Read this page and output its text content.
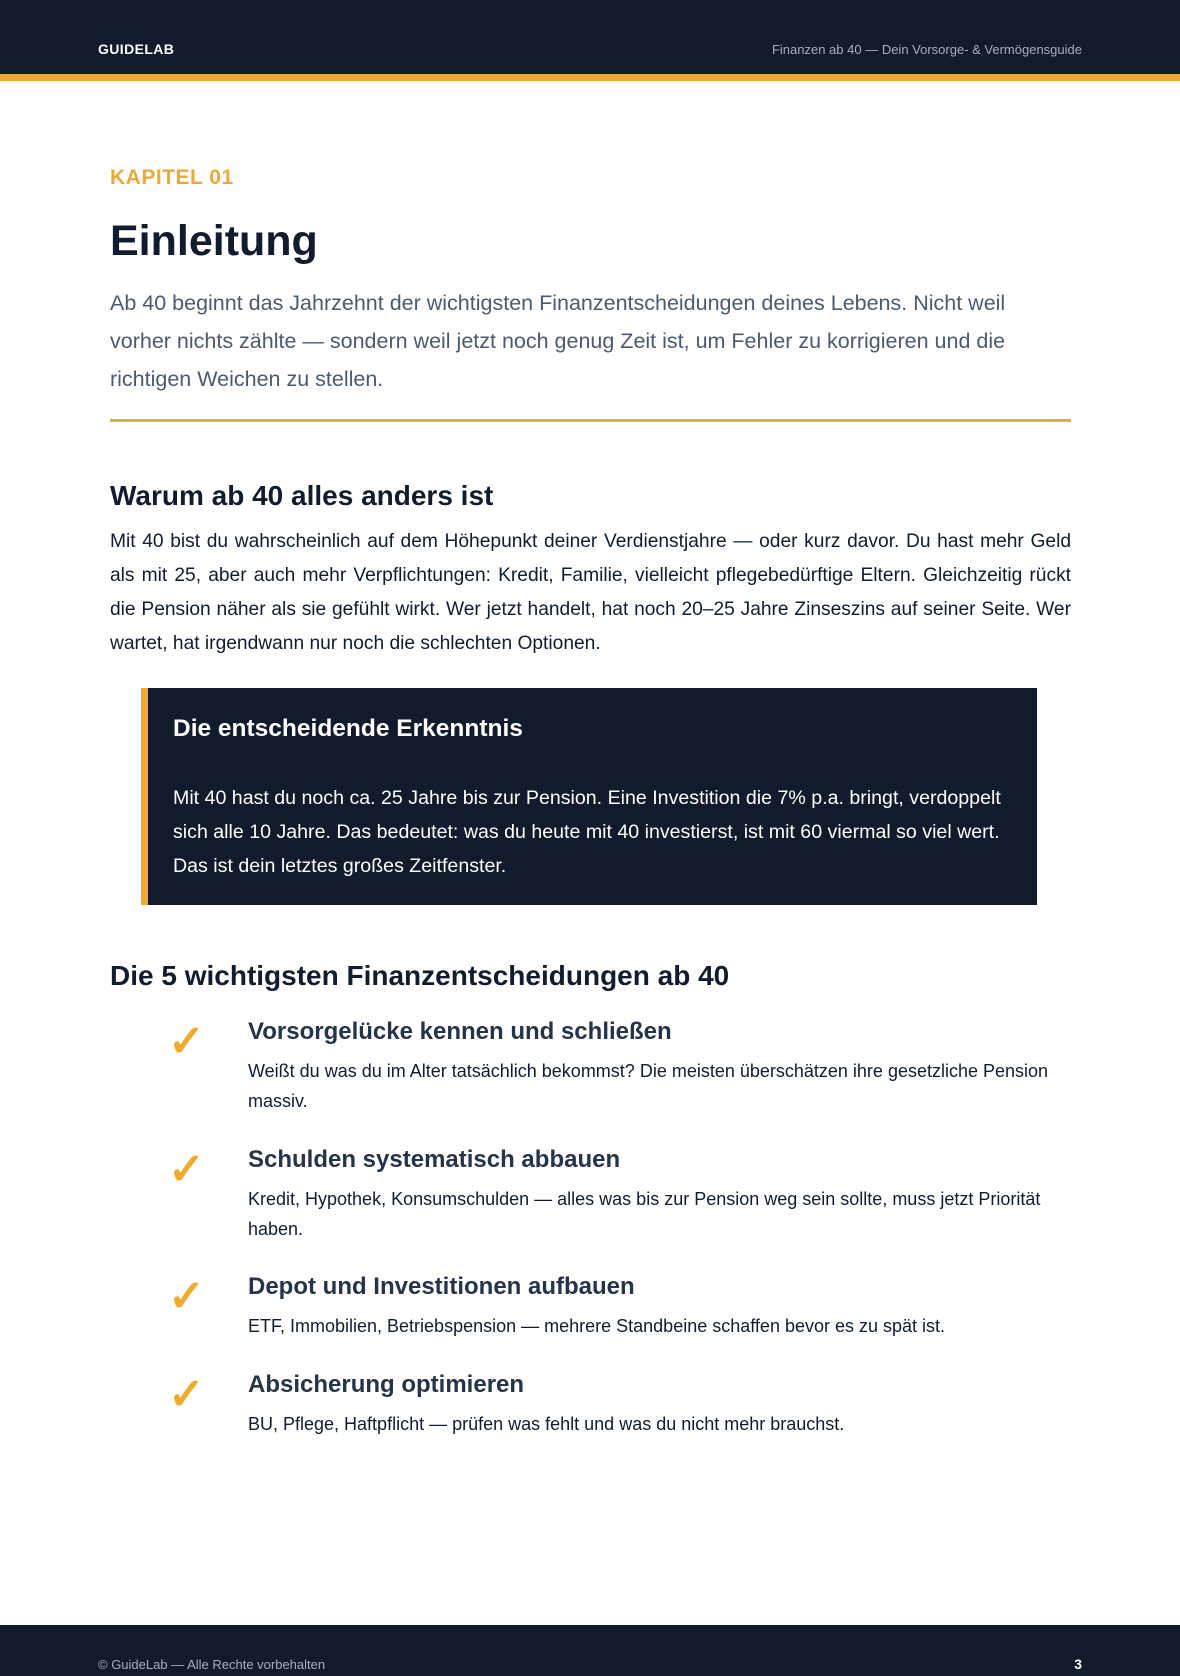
GUIDELAB	Finanzen ab 40 — Dein Vorsorge- & Vermögensguide
KAPITEL 01
Einleitung

Ab 40 beginnt das Jahrzehnt der wichtigsten Finanzentscheidungen deines Lebens. Nicht weil vorher nichts zählte — sondern weil jetzt noch genug Zeit ist, um Fehler zu korrigieren und die richtigen Weichen zu stellen.

Warum ab 40 alles anders ist

Mit 40 bist du wahrscheinlich auf dem Höhepunkt deiner Verdienstjahre — oder kurz davor. Du hast mehr Geld als mit 25, aber auch mehr Verpflichtungen: Kredit, Familie, vielleicht pflegebedürftige Eltern. Gleichzeitig rückt die Pension näher als sie gefühlt wirkt. Wer jetzt handelt, hat noch 20–25 Jahre Zinseszins auf seiner Seite. Wer wartet, hat irgendwann nur noch die schlechten Optionen.

Die entscheidende Erkenntnis

Mit 40 hast du noch ca. 25 Jahre bis zur Pension. Eine Investition die 7% p.a. bringt, verdoppelt sich alle 10 Jahre. Das bedeutet: was du heute mit 40 investierst, ist mit 60 viermal so viel wert. Das ist dein letztes großes Zeitfenster.

Die 5 wichtigsten Finanzentscheidungen ab 40
✓ Vorsorgelücke kennen und schließen

Weißt du was du im Alter tatsächlich bekommst? Die meisten überschätzen ihre gesetzliche Pension massiv.

✓ Schulden systematisch abbauen

Kredit, Hypothek, Konsumschulden — alles was bis zur Pension weg sein sollte, muss jetzt Priorität haben.

✓ Depot und Investitionen aufbauen

ETF, Immobilien, Betriebspension — mehrere Standbeine schaffen bevor es zu spät ist.

✓ Absicherung optimieren

BU, Pflege, Haftpflicht — prüfen was fehlt und was du nicht mehr brauchst.

© GuideLab — Alle Rechte vorbehalten	3
